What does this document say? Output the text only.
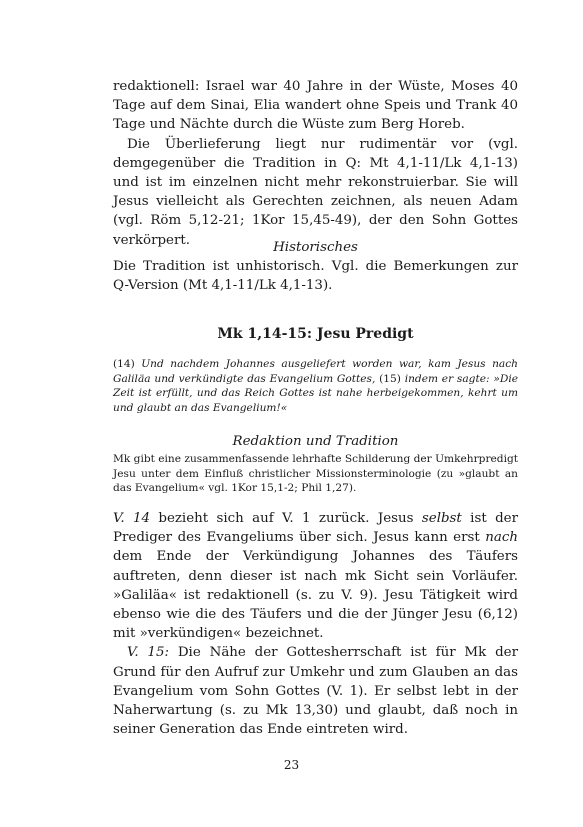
redaktionell: Israel war 40 Jahre in der Wüste, Moses 40 Tage auf dem Sinai, Elia wandert ohne Speis und Trank 40 Tage und Nächte durch die Wüste zum Berg Horeb.

Die Überlieferung liegt nur rudimentär vor (vgl. demgegenüber die Tradition in Q: Mt 4,1-11/Lk 4,1-13) und ist im einzelnen nicht mehr rekonstruierbar. Sie will Jesus vielleicht als Gerechten zeichnen, als neuen Adam (vgl. Röm 5,12-21; 1Kor 15,45-49), der den Sohn Gottes verkörpert.	Historisches

Die Tradition ist unhistorisch. Vgl. die Bemerkungen zur Q-Version (Mt 4,1-11/Lk 4,1-13).

Mk 1,14-15: Jesu Predigt

(14) Und nachdem Johannes ausgeliefert worden war, kam Jesus nach Galiläa und verkündigte das Evangelium Gottes, (15) indem er sagte: »Die Zeit ist erfüllt, und das Reich Gottes ist nahe herbeigekommen, kehrt um und glaubt an das Evangelium!«

Redaktion und Tradition

Mk gibt eine zusammenfassende lehrhafte Schilderung der Umkehrpredigt Jesu unter dem Einfluß christlicher Missionsterminologie (zu »glaubt an das Evangelium« vgl. 1Kor 15,1-2; Phil 1,27).

V. 14 bezieht sich auf V. 1 zurück. Jesus selbst ist der Prediger des Evangeliums über sich. Jesus kann erst nach dem Ende der Verkündigung Johannes des Täufers auftreten, denn dieser ist nach mk Sicht sein Vorläufer. »Galiläa« ist redaktionell (s. zu V. 9). Jesu Tätigkeit wird ebenso wie die des Täufers und die der Jünger Jesu (6,12) mit »verkündigen« bezeichnet.

V. 15: Die Nähe der Gottesherrschaft ist für Mk der Grund für den Aufruf zur Umkehr und zum Glauben an das Evangelium vom Sohn Gottes (V. 1). Er selbst lebt in der Naherwartung (s. zu Mk 13,30) und glaubt, daß noch in seiner Generation das Ende eintreten wird.

23
